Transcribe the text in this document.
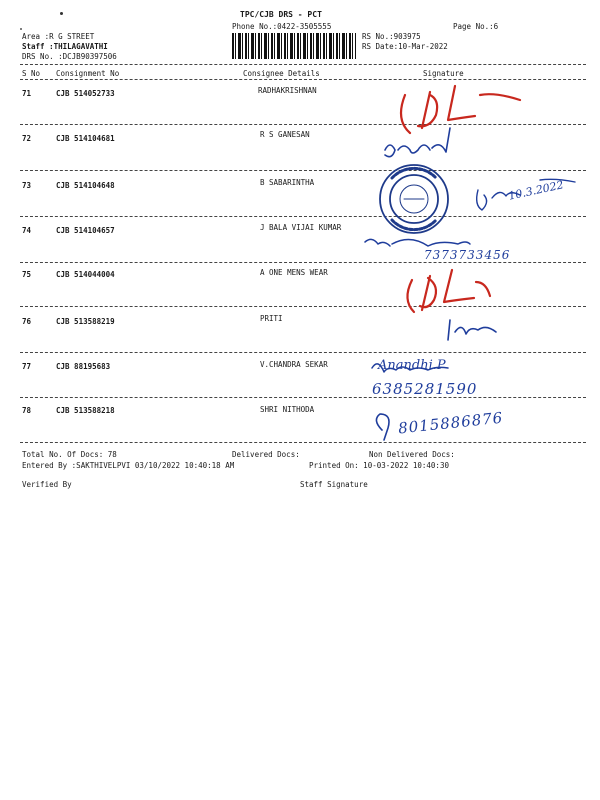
TPC/CJB DRS - PCT
Phone No.:0422-3505555	Page No.:6
Area :R G STREET
Staff :THILAGAVATHI
DRS No. :DCJB90397506
RS No.:903975
RS Date:10-Mar-2022
S No Consignment No	Consignee Details	Signature
71	CJB 514052733	RADHAKRISHNAN
72	CJB 514104681	R S GANESAN
73	CJB 514104648	B SABARINTHA
74	CJB 514104657	J BALA VIJAI KUMAR
75	CJB 514044004	A ONE MENS WEAR
76	CJB 513588219	PRITI
77	CJB 88195683	V.CHANDRA SEKAR
78	CJB 513588218	SHRI NITHODA
Total No. Of Docs: 78	Delivered Docs:	Non Delivered Docs:
Entered By :SAKTHIVELPVI 03/10/2022 10:40:18 AM	Printed On: 10-03-2022 10:40:30
Verified By	Staff Signature
10.3.2022
7373733456
Anandhi.P
6385281590
8015886876
